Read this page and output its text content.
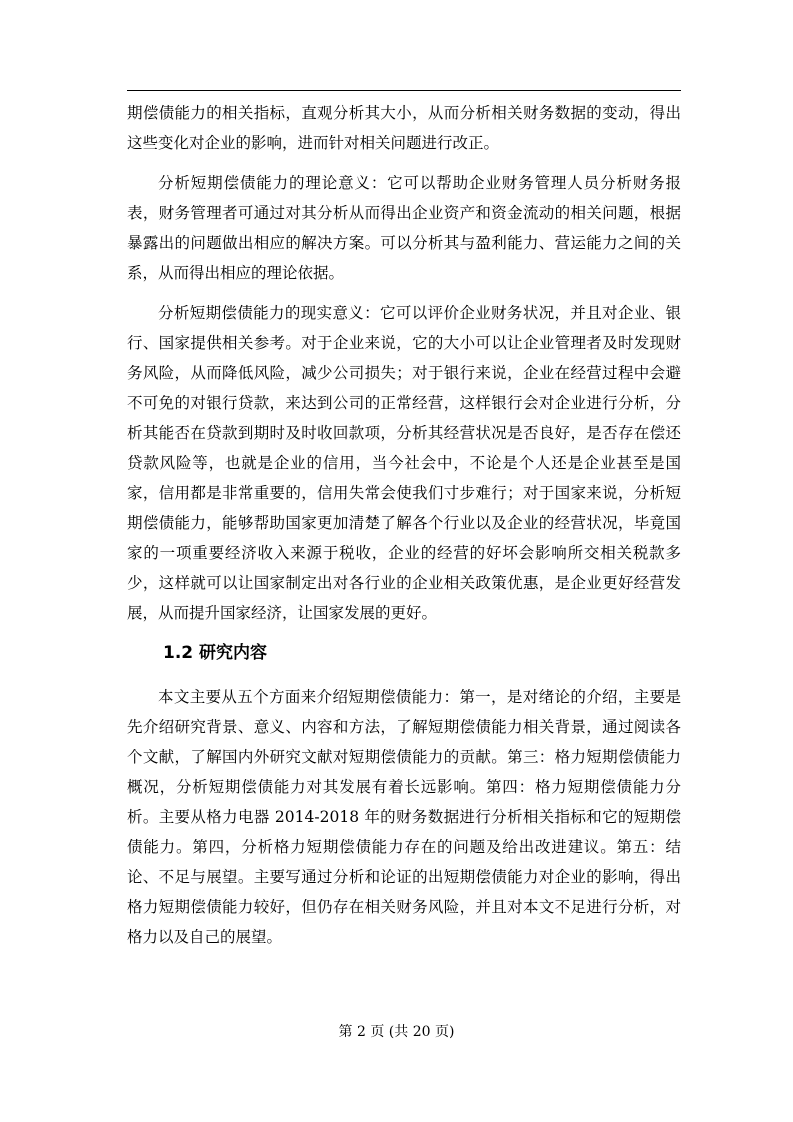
期偿债能力的相关指标，直观分析其大小，从而分析相关财务数据的变动，得出这些变化对企业的影响，进而针对相关问题进行改正。

分析短期偿债能力的理论意义：它可以帮助企业财务管理人员分析财务报表，财务管理者可通过对其分析从而得出企业资产和资金流动的相关问题，根据暴露出的问题做出相应的解决方案。可以分析其与盈利能力、营运能力之间的关系，从而得出相应的理论依据。

分析短期偿债能力的现实意义：它可以评价企业财务状况，并且对企业、银行、国家提供相关参考。对于企业来说，它的大小可以让企业管理者及时发现财务风险，从而降低风险，减少公司损失；对于银行来说，企业在经营过程中会避不可免的对银行贷款，来达到公司的正常经营，这样银行会对企业进行分析，分析其能否在贷款到期时及时收回款项，分析其经营状况是否良好，是否存在偿还贷款风险等，也就是企业的信用，当今社会中，不论是个人还是企业甚至是国家，信用都是非常重要的，信用失常会使我们寸步难行；对于国家来说，分析短期偿债能力，能够帮助国家更加清楚了解各个行业以及企业的经营状况，毕竟国家的一项重要经济收入来源于税收，企业的经营的好坏会影响所交相关税款多少，这样就可以让国家制定出对各行业的企业相关政策优惠，是企业更好经营发展，从而提升国家经济，让国家发展的更好。

1.2 研究内容

本文主要从五个方面来介绍短期偿债能力：第一，是对绪论的介绍，主要是先介绍研究背景、意义、内容和方法，了解短期偿债能力相关背景，通过阅读各个文献，了解国内外研究文献对短期偿债能力的贡献。第三：格力短期偿债能力概况，分析短期偿债能力对其发展有着长远影响。第四：格力短期偿债能力分析。主要从格力电器 2014-2018 年的财务数据进行分析相关指标和它的短期偿债能力。第四，分析格力短期偿债能力存在的问题及给出改进建议。第五：结论、不足与展望。主要写通过分析和论证的出短期偿债能力对企业的影响，得出格力短期偿债能力较好，但仍存在相关财务风险，并且对本文不足进行分析，对格力以及自己的展望。

第 2 页 (共 20 页)
